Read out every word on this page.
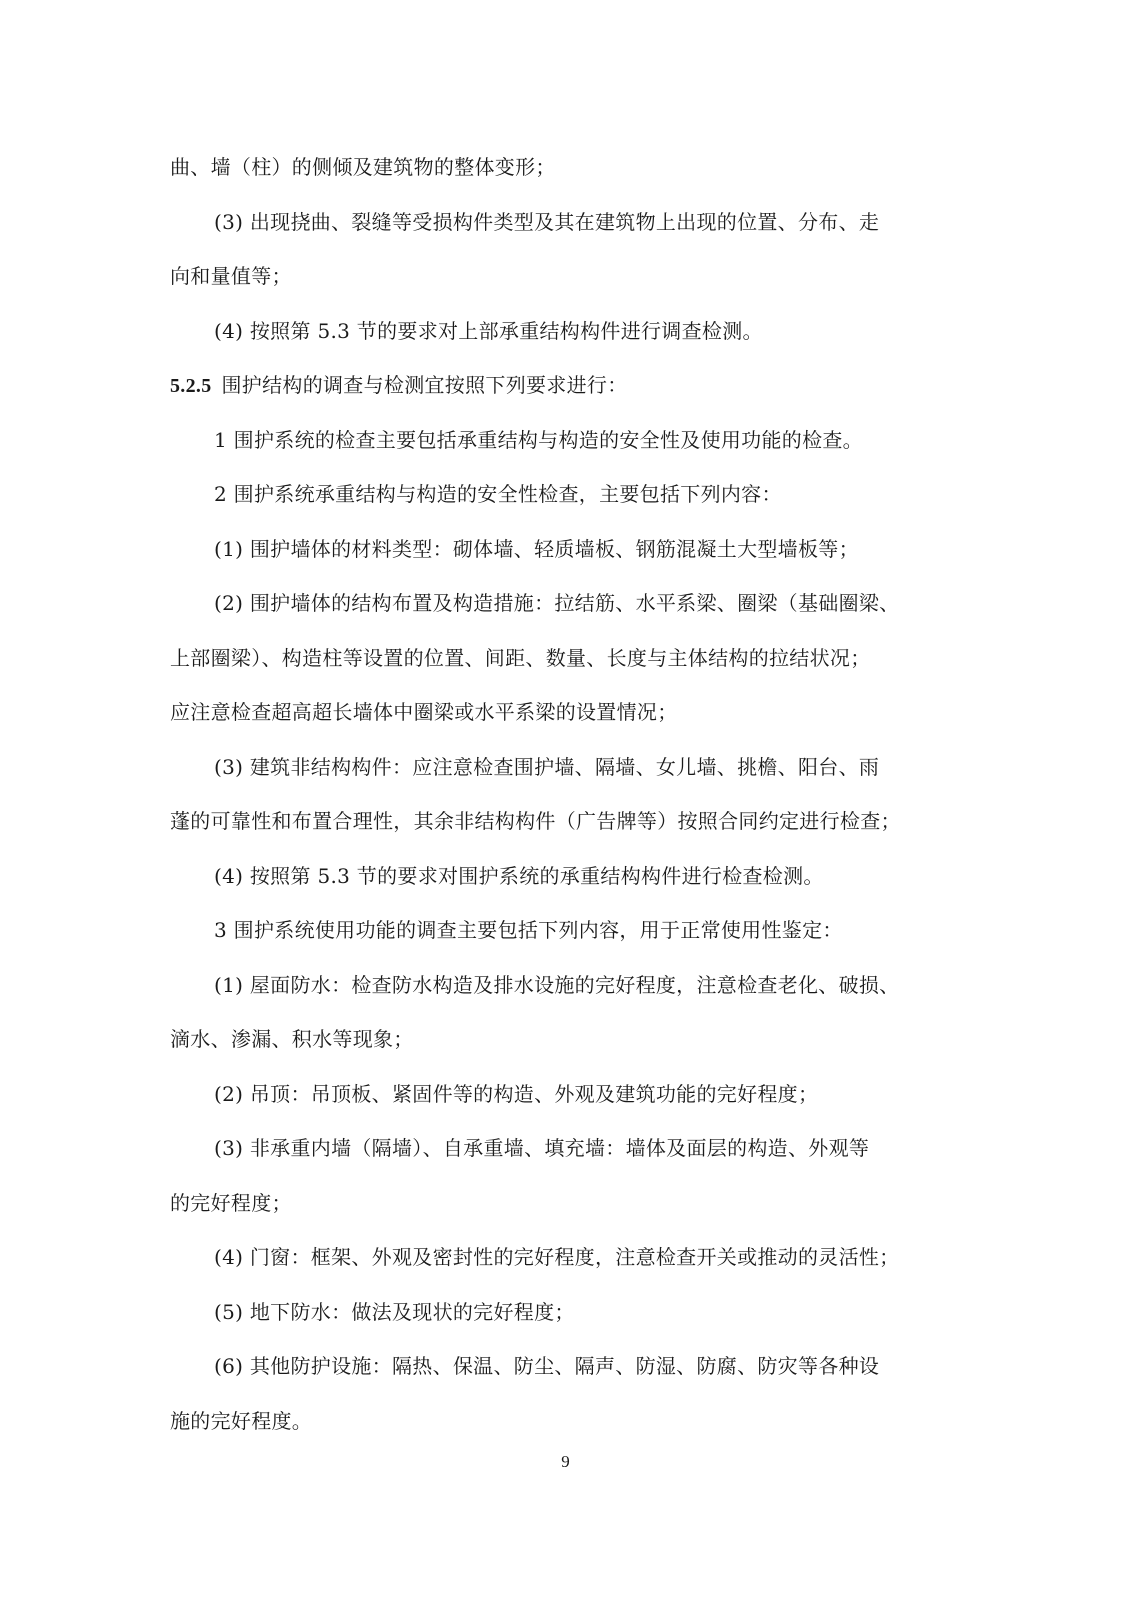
曲、墙（柱）的侧倾及建筑物的整体变形；
(3) 出现挠曲、裂缝等受损构件类型及其在建筑物上出现的位置、分布、走
向和量值等；
(4) 按照第 5.3 节的要求对上部承重结构构件进行调查检测。
5.2.5 围护结构的调查与检测宜按照下列要求进行：
1 围护系统的检查主要包括承重结构与构造的安全性及使用功能的检查。
2 围护系统承重结构与构造的安全性检查，主要包括下列内容：
(1) 围护墙体的材料类型：砌体墙、轻质墙板、钢筋混凝土大型墙板等；
(2) 围护墙体的结构布置及构造措施：拉结筋、水平系梁、圈梁（基础圈梁、
上部圈梁）、构造柱等设置的位置、间距、数量、长度与主体结构的拉结状况；
应注意检查超高超长墙体中圈梁或水平系梁的设置情况；
(3) 建筑非结构构件：应注意检查围护墙、隔墙、女儿墙、挑檐、阳台、雨
蓬的可靠性和布置合理性，其余非结构构件（广告牌等）按照合同约定进行检查；
(4) 按照第 5.3 节的要求对围护系统的承重结构构件进行检查检测。
3 围护系统使用功能的调查主要包括下列内容，用于正常使用性鉴定：
(1) 屋面防水：检查防水构造及排水设施的完好程度，注意检查老化、破损、
滴水、渗漏、积水等现象；
(2) 吊顶：吊顶板、紧固件等的构造、外观及建筑功能的完好程度；
(3) 非承重内墙（隔墙）、自承重墙、填充墙：墙体及面层的构造、外观等
的完好程度；
(4) 门窗：框架、外观及密封性的完好程度，注意检查开关或推动的灵活性；
(5) 地下防水：做法及现状的完好程度；
(6) 其他防护设施：隔热、保温、防尘、隔声、防湿、防腐、防灾等各种设
施的完好程度。
9
